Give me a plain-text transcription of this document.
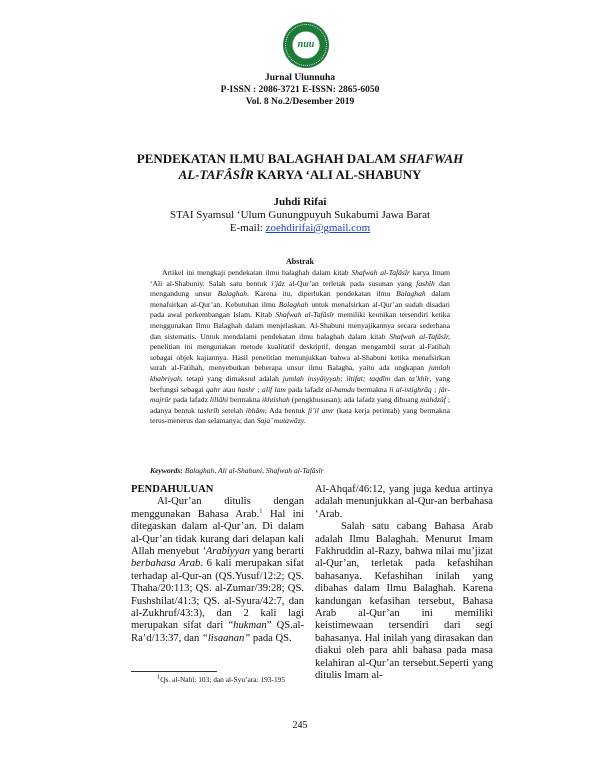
nuu
Jurnal Ulunnuha
P-ISSN : 2086-3721 E-ISSN: 2865-6050
Vol. 8 No.2/Desember 2019
PENDEKATAN ILMU BALAGHAH DALAM SHAFWAH
AL-TAFÂSÎR KARYA ‘ALI AL-SHABUNY
Juhdi Rifai
STAI Syamsul ‘Ulum Gunungpuyuh Sukabumi Jawa Barat
E-mail: zoehdirifai@gmail.com
Abstrak

Artikel ini mengkaji pendekatan ilmu balaghah dalam kitab Shafwah al-Tafâsîr karya Imam ‘Ali al-Shabuniy. Salah satu bentuk i’jâz al-Qur’an terletak pada susunan yang fashîh dan mengandung unsur Balaghah. Karena itu, diperlukan pendekatan ilmu Balaghah dalam menafsirkan al-Qur’an. Kebutuhan ilmu Balaghah untuk menafsirkan al-Qur’an sudah disadari pada awal perkembangan Islam. Kitab Shafwah al-Tafâsîr memiliki keunikan tersendiri ketika menggunakan Ilmu Balaghah dalam menjelaskan. Al-Shabuni menyajikannya secara sederhana dan sistematis. Untuk mendalami pendekatan ilmu balaghah dalam kitab Shafwah al-Tafâsîr, penelitian ini mengunakan metode kualitatif deskriptif, dengan mengambil surat al-Fatihah sebagai objek kajiannya. Hasil penelitian menunjukkan bahwa al-Shabuni ketika menafsirkan surah al-Fatihah, menyebutkan beberapa unsur ilmu Balagha, yaitu ada ungkapan jumlah khabriyah, tetapi yang dimaksud adalah jumlah insyâiyyah; iltifat; taqdîm dan ta’khîr, yang berfungsi sebagai qahr atau hashr ; alif lam pada lafadz al-hamdu bermakna li al-istighrâq ; jâr-majrûr pada lafadz lillâhi bermakna ikhtishah (pengkhususan); ada lafadz yang dibuang mahdzûf ; adanya bentuk tashrîh setelah ibhâm; Ada bentuk fi’il amr (kata kerja perintah) yang bermakna terus-menerus dan selamanya; dan Saja’ mutawâzy.

Keywords: Balaghah, Ali al-Shabuni, Shafwah al-Tafâsîr

PENDAHULUAN

Al-Qur’an ditulis dengan menggunakan Bahasa Arab.$^1$ Hal ini ditegaskan dalam al-Qur’an. Di dalam al-Qur’an tidak kurang dari delapan kali Allah menyebut ‘Arabiyyan yang berarti berbahasa Arab. 6 kali merupakan sifat terhadap al-Qur-an (QS.Yusuf/12:2; QS. Thaha/20:113; QS. al-Zumar/39:28; QS. Fushshilat/41:3; QS. al-Syura/42:7, dan al-Zukhruf/43:3), dan 2 kali lagi merupakan sifat dari “hukman” QS.al-Ra’d/13:37, dan “lisaanan” pada QS.

Al-Ahqaf/46:12, yang juga kedua artinya adalah menunjukkan al-Qur-an berbahasa ‘Arab.

Salah satu cabang Bahasa Arab adalah Ilmu Balaghah. Menurut Imam Fakhruddin al-Razy, bahwa nilai mu’jizat al-Qur’an, terletak pada kefashihan bahasanya. Kefashihan inilah yang dibahas dalam Ilmu Balaghah. Karena kandungan kefasihan tersebut, Bahasa Arab al-Qur’an ini memiliki keistimewaan tersendiri dari segi bahasanya. Hal inilah yang dirasakan dan diakui oleh para ahli bahasa pada masa kelahiran al-Qur’an tersebut.Seperti yang ditulis Imam al-

$^1$Qs. al-Nahl: 103; dan al-Syu’ara: 193-195
245
